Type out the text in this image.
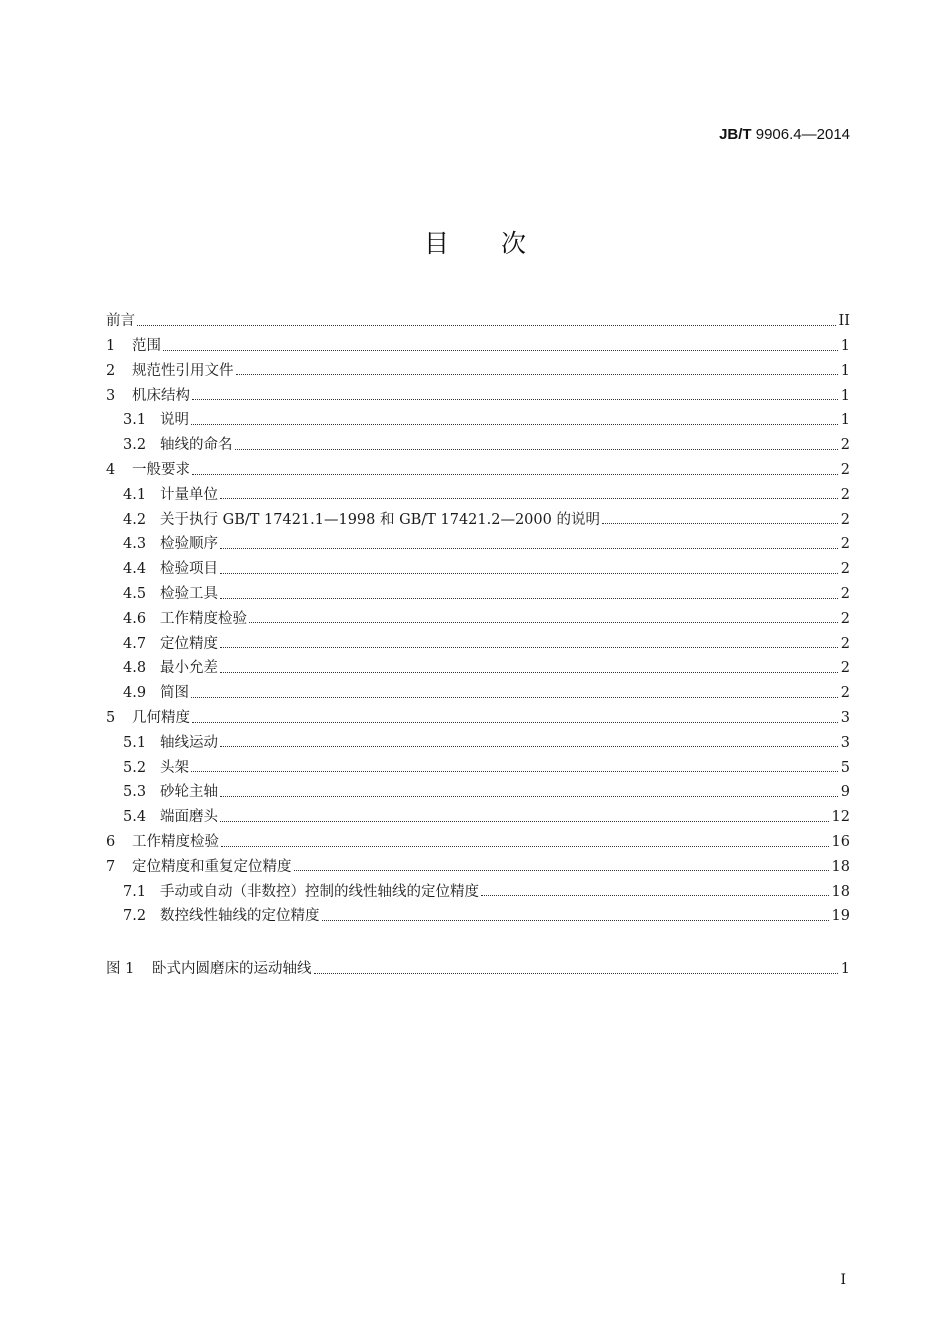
JB/T 9906.4—2014
目次
前言	II
1	范围	1
2	规范性引用文件	1
3	机床结构	1
3.1 说明	1
3.2 轴线的命名	2
4	一般要求	2
4.1 计量单位	2
4.2 关于执行 GB/T 17421.1—1998 和 GB/T 17421.2—2000 的说明	2
4.3 检验顺序	2
4.4 检验项目	2
4.5 检验工具	2
4.6 工作精度检验	2
4.7 定位精度	2
4.8 最小允差	2
4.9 简图	2
5	几何精度	3
5.1 轴线运动	3
5.2 头架	5
5.3 砂轮主轴	9
5.4 端面磨头	12
6	工作精度检验	16
7	定位精度和重复定位精度	18
7.1 手动或自动（非数控）控制的线性轴线的定位精度	18
7.2 数控线性轴线的定位精度	19
图 1	卧式内圆磨床的运动轴线	1
I
